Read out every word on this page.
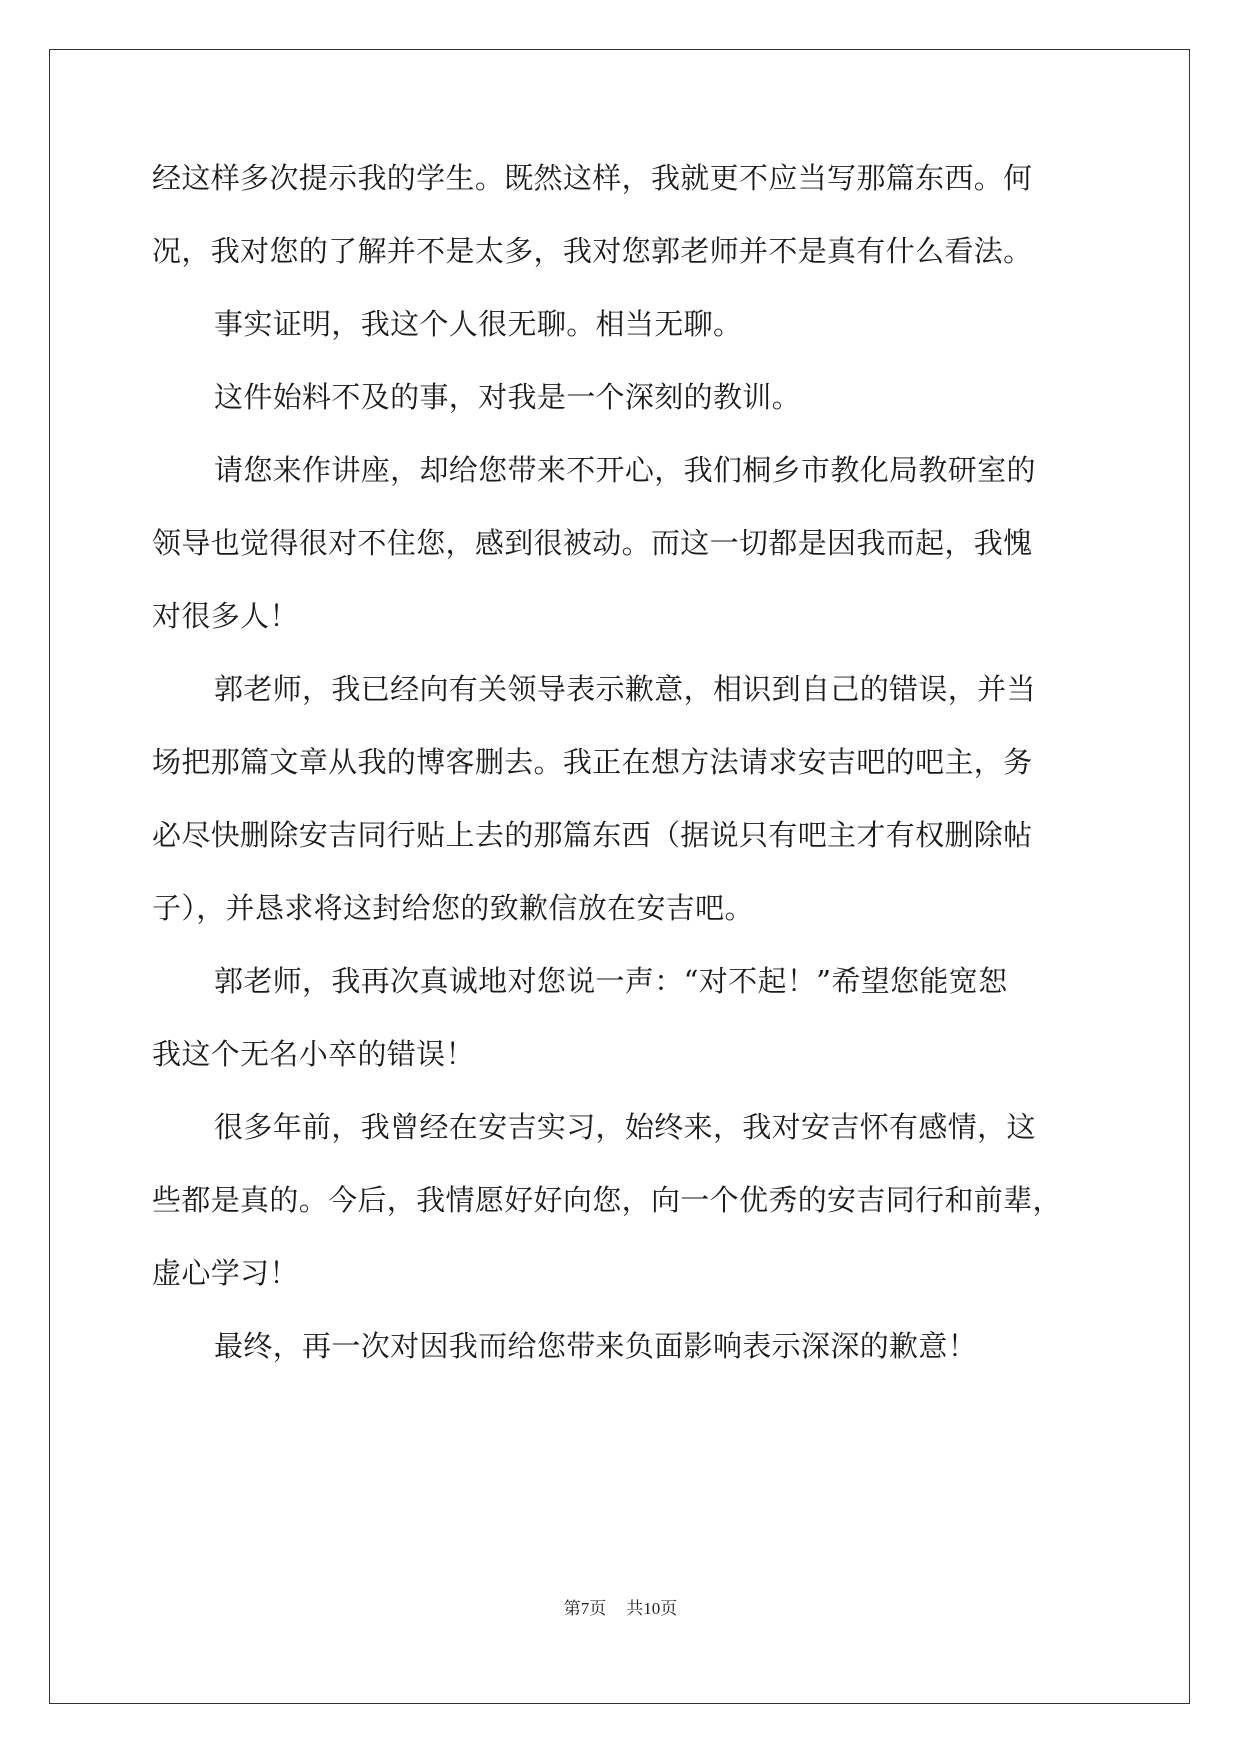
经这样多次提示我的学生。既然这样，我就更不应当写那篇东西。何
况，我对您的了解并不是太多，我对您郭老师并不是真有什么看法。
事实证明，我这个人很无聊。相当无聊。
这件始料不及的事，对我是一个深刻的教训。
请您来作讲座，却给您带来不开心，我们桐乡市教化局教研室的
领导也觉得很对不住您，感到很被动。而这一切都是因我而起，我愧
对很多人！
郭老师，我已经向有关领导表示歉意，相识到自己的错误，并当
场把那篇文章从我的博客删去。我正在想方法请求安吉吧的吧主，务
必尽快删除安吉同行贴上去的那篇东西（据说只有吧主才有权删除帖
子），并恳求将这封给您的致歉信放在安吉吧。
郭老师，我再次真诚地对您说一声：“对不起！”希望您能宽恕
我这个无名小卒的错误！
很多年前，我曾经在安吉实习，始终来，我对安吉怀有感情，这
些都是真的。今后，我情愿好好向您，向一个优秀的安吉同行和前辈，
虚心学习！
最终，再一次对因我而给您带来负面影响表示深深的歉意！
第7页 共10页
